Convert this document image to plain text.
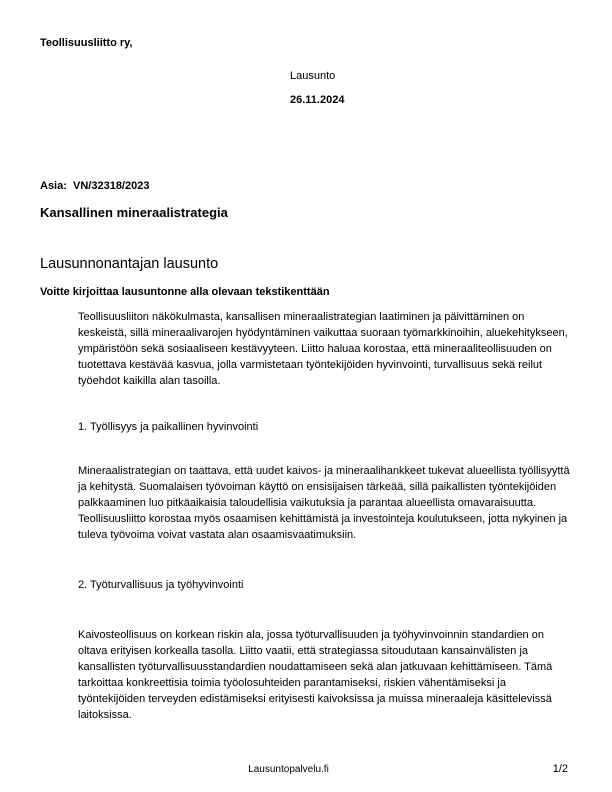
Teollisuusliitto ry,
Lausunto
26.11.2024
Asia:  VN/32318/2023
Kansallinen mineraalistrategia
Lausunnonantajan lausunto
Voitte kirjoittaa lausuntonne alla olevaan tekstikenttään
Teollisuusliiton näkökulmasta, kansallisen mineraalistrategian laatiminen ja päivittäminen on keskeistä, sillä mineraalivarojen hyödyntäminen vaikuttaa suoraan työmarkkinoihin, aluekehitykseen, ympäristöön sekä sosiaaliseen kestävyyteen. Liitto haluaa korostaa, että mineraaliteollisuuden on tuotettava kestävää kasvua, jolla varmistetaan työntekijöiden hyvinvointi, turvallisuus sekä reilut työehdot kaikilla alan tasoilla.
1. Työllisyys ja paikallinen hyvinvointi
Mineraalistrategian on taattava, että uudet kaivos- ja mineraalihankkeet tukevat alueellista työllisyyttä ja kehitystä. Suomalaisen työvoiman käyttö on ensisijaisen tärkeää, sillä paikallisten työntekijöiden palkkaaminen luo pitkäaikaisia taloudellisia vaikutuksia ja parantaa alueellista omavaraisuutta. Teollisuusliitto korostaa myös osaamisen kehittämistä ja investointeja koulutukseen, jotta nykyinen ja tuleva työvoima voivat vastata alan osaamisvaatimuksiin.
2. Työturvallisuus ja työhyvinvointi
Kaivosteollisuus on korkean riskin ala, jossa työturvallisuuden ja työhyvinvoinnin standardien on oltava erityisen korkealla tasolla. Liitto vaatii, että strategiassa sitoudutaan kansainvälisten ja kansallisten työturvallisuusstandardien noudattamiseen sekä alan jatkuvaan kehittämiseen. Tämä tarkoittaa konkreettisia toimia työolosuhteiden parantamiseksi, riskien vähentämiseksi ja työntekijöiden terveyden edistämiseksi erityisesti kaivoksissa ja muissa mineraaleja käsittelevissä laitoksissa.
Lausuntopalvelu.fi	1/2
